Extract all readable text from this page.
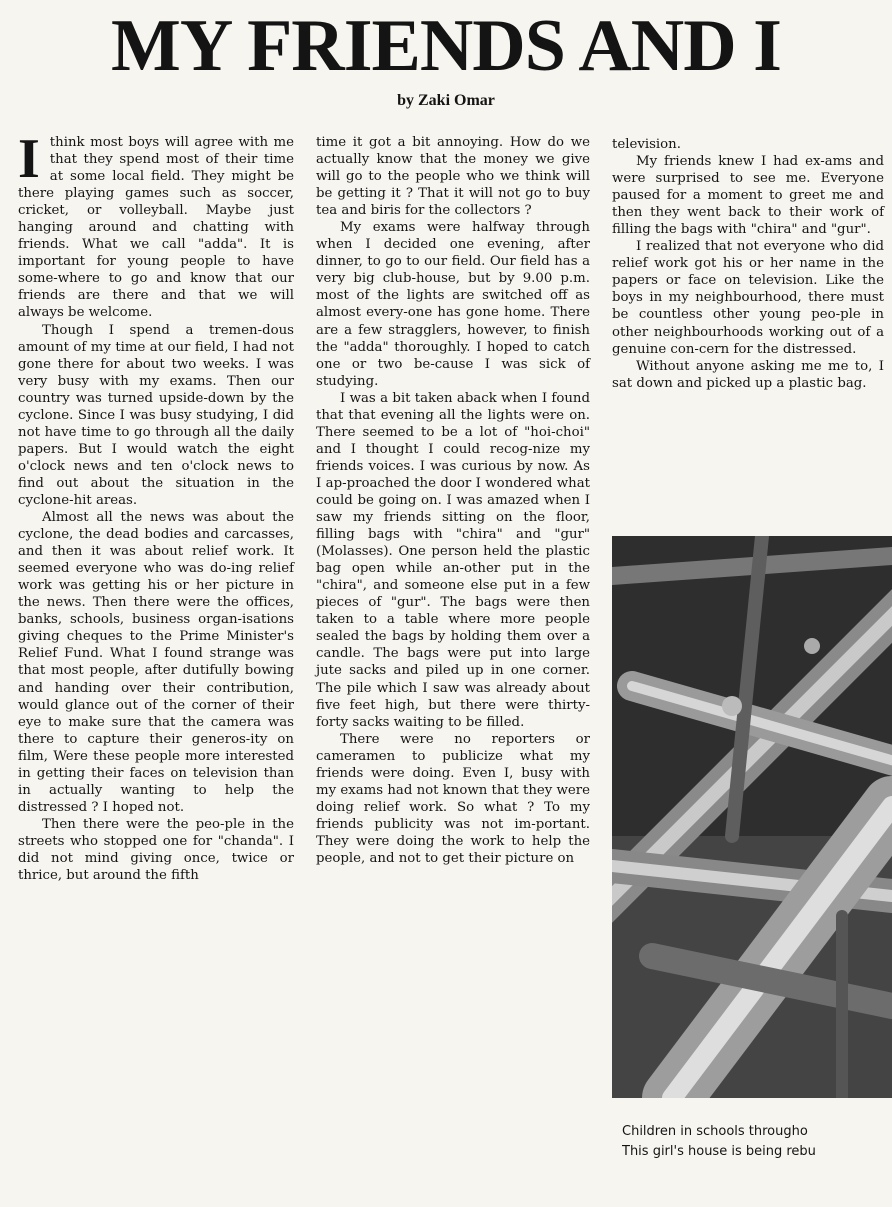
MY FRIENDS AND I
by Zaki Omar

Ithink most boys will agree with me that they spend most of their time at some local field. They might be there playing games such as soccer, cricket, or volleyball. Maybe just hanging around and chatting with friends. What we call "adda". It is important for young people to have some-where to go and know that our friends are there and that we will always be welcome.

Though I spend a tremen-dous amount of my time at our field, I had not gone there for about two weeks. I was very busy with my exams. Then our country was turned upside-down by the cyclone. Since I was busy studying, I did not have time to go through all the daily papers. But I would watch the eight o'clock news and ten o'clock news to find out about the situation in the cyclone-hit areas.

Almost all the news was about the cyclone, the dead bodies and carcasses, and then it was about relief work. It seemed everyone who was do-ing relief work was getting his or her picture in the news. Then there were the offices, banks, schools, business organ-isations giving cheques to the Prime Minister's Relief Fund. What I found strange was that most people, after dutifully bowing and handing over their contribution, would glance out of the corner of their eye to make sure that the camera was there to capture their generos-ity on film, Were these people more interested in getting their faces on television than in actually wanting to help the distressed ? I hoped not.

Then there were the peo-ple in the streets who stopped one for "chanda". I did not mind giving once, twice or thrice, but around the fifth

time it got a bit annoying. How do we actually know that the money we give will go to the people who we think will be getting it ? That it will not go to buy tea and biris for the collectors ?

My exams were halfway through when I decided one evening, after dinner, to go to our field. Our field has a very big club-house, but by 9.00 p.m. most of the lights are switched off as almost every-one has gone home. There are a few stragglers, however, to finish the "adda" thoroughly. I hoped to catch one or two be-cause I was sick of studying.

I was a bit taken aback when I found that that evening all the lights were on. There seemed to be a lot of "hoi-choi" and I thought I could recog-nize my friends voices. I was curious by now. As I ap-proached the door I wondered what could be going on. I was amazed when I saw my friends sitting on the floor, filling bags with "chira" and "gur" (Molasses). One person held the plastic bag open while an-other put in the "chira", and someone else put in a few pieces of "gur". The bags were then taken to a table where more people sealed the bags by holding them over a candle. The bags were put into large jute sacks and piled up in one corner. The pile which I saw was already about five feet high, but there were thirty-forty sacks waiting to be filled.

There were no reporters or cameramen to publicize what my friends were doing. Even I, busy with my exams had not known that they were doing relief work. So what ? To my friends publicity was not im-portant. They were doing the work to help the people, and not to get their picture on

television.

My friends knew I had ex-ams and were surprised to see me. Everyone paused for a moment to greet me and then they went back to their work of filling the bags with "chira" and "gur".

I realized that not everyone who did relief work got his or her name in the papers or face on television. Like the boys in my neighbourhood, there must be countless other young peo-ple in other neighbourhoods working out of a genuine con-cern for the distressed.

Without anyone asking me me to, I sat down and picked up a plastic bag.

Children in schools througho
This girl's house is being rebu
